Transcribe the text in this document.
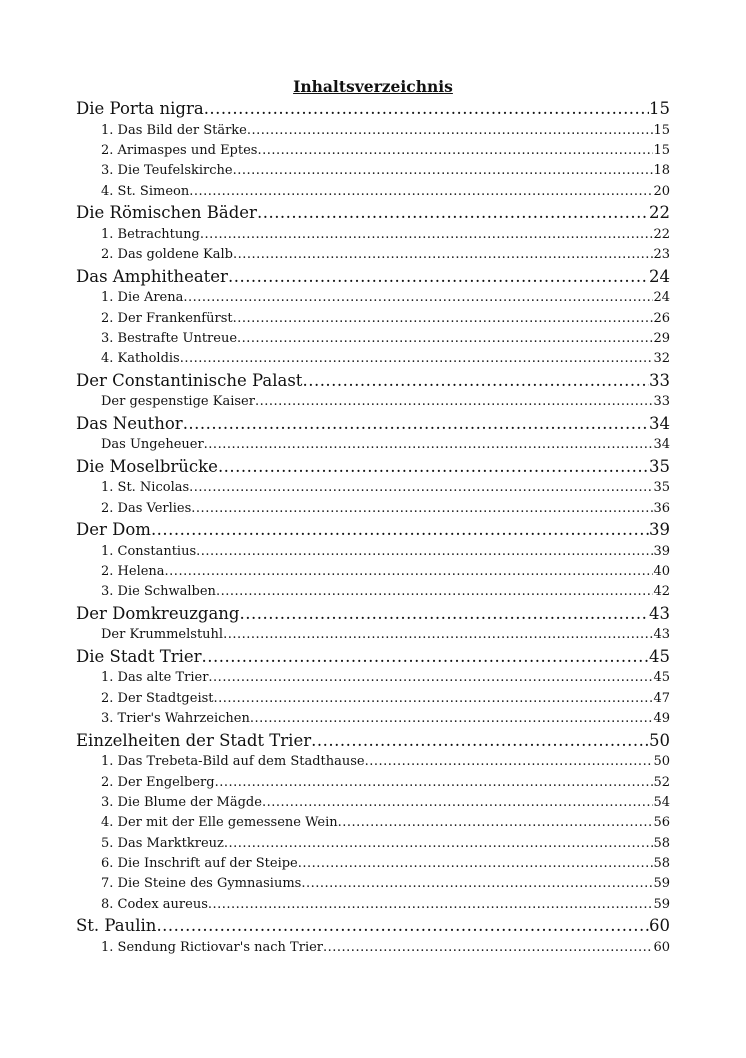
Inhaltsverzeichnis
Die Porta nigra .....	15
1. Das Bild der Stärke .....	15
2. Arimaspes und Eptes .....	15
3. Die Teufelskirche .....	18
4. St. Simeon .....	20
Die Römischen Bäder .....	22
1. Betrachtung .....	22
2. Das goldene Kalb .....	23
Das Amphitheater .....	24
1. Die Arena .....	24
2. Der Frankenfürst .....	26
3. Bestrafte Untreue .....	29
4. Katholdis .....	32
Der Constantinische Palast .....	33
Der gespenstige Kaiser .....	33
Das Neuthor .....	34
Das Ungeheuer .....	34
Die Moselbrücke .....	35
1. St. Nicolas .....	35
2. Das Verlies .....	36
Der Dom .....	39
1. Constantius .....	39
2. Helena .....	40
3. Die Schwalben .....	42
Der Domkreuzgang .....	43
Der Krummelstuhl .....	43
Die Stadt Trier .....	45
1. Das alte Trier .....	45
2. Der Stadtgeist .....	47
3. Trier's Wahrzeichen .....	49
Einzelheiten der Stadt Trier .....	50
1. Das Trebeta-Bild auf dem Stadthause .....	50
2. Der Engelberg .....	52
3. Die Blume der Mägde .....	54
4. Der mit der Elle gemessene Wein .....	56
5. Das Marktkreuz .....	58
6. Die Inschrift auf der Steipe .....	58
7. Die Steine des Gymnasiums .....	59
8. Codex aureus .....	59
St. Paulin .....	60
1. Sendung Rictiovar's nach Trier .....	60
